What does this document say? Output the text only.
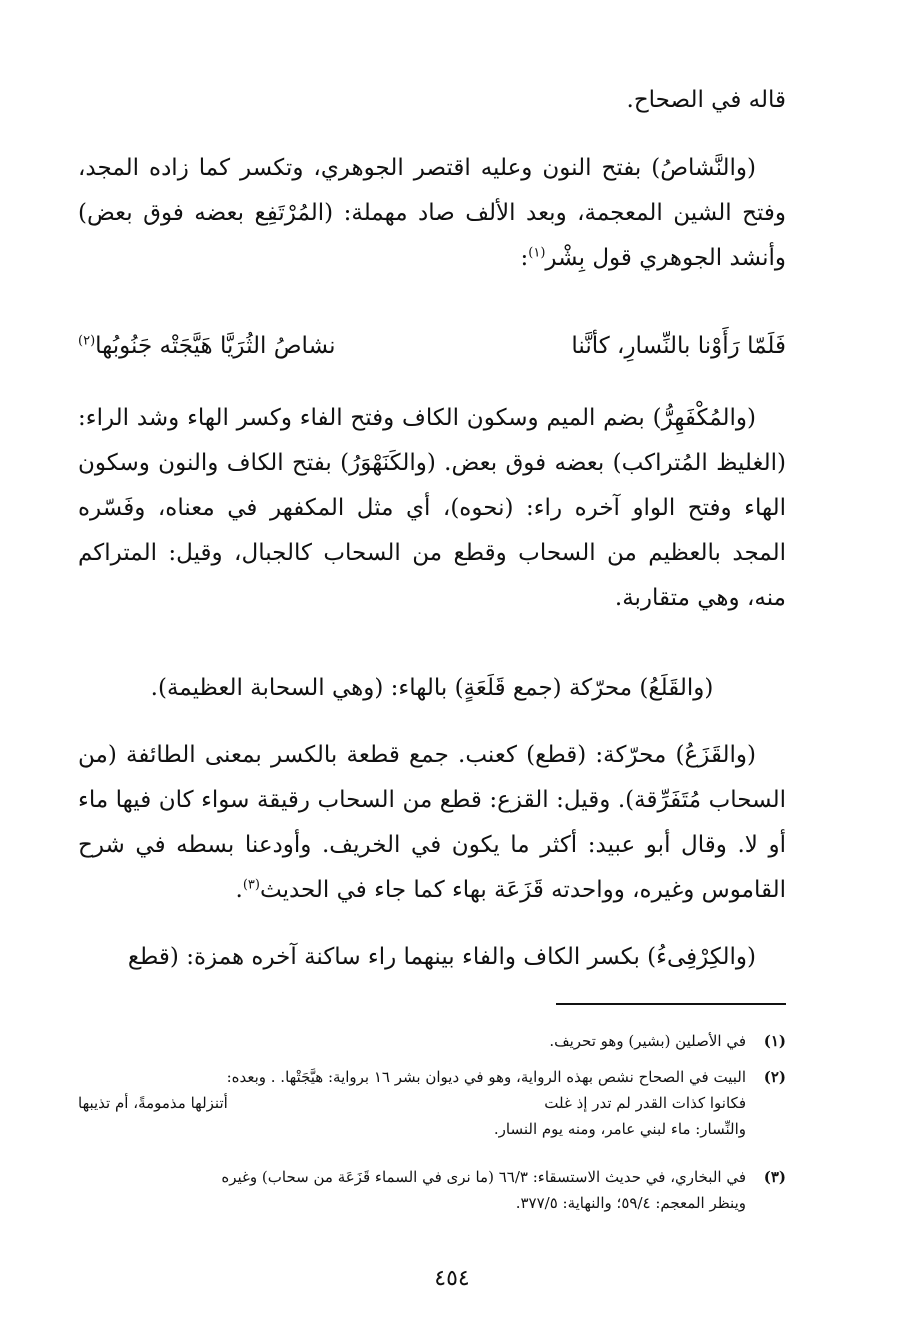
قاله في الصحاح.

(والنَّشاصُ) بفتح النون وعليه اقتصر الجوهري، وتكسر كما زاده المجد، وفتح الشين المعجمة، وبعد الألف صاد مهملة: (المُرْتَفِع بعضه فوق بعض) وأنشد الجوهري قول بِشْر$^{(١)}$:

فَلَمّا رَأَوْنا بالنِّسارِ، كأنَّنا
نشاصُ الثُرَيَّا هَيَّجَتْه جَنُوبُها$^{(٢)}$

(والمُكْفَهِرُّ) بضم الميم وسكون الكاف وفتح الفاء وكسر الهاء وشد الراء: (الغليظ المُتراكب) بعضه فوق بعض. (والكَنَهْوَرُ) بفتح الكاف والنون وسكون الهاء وفتح الواو آخره راء: (نحوه)، أي مثل المكفهر في معناه، وفَسّره المجد بالعظيم من السحاب وقطع من السحاب كالجبال، وقيل: المتراكم منه، وهي متقاربة.

(والقَلَعُ) محرّكة (جمع قَلَعَةٍ) بالهاء: (وهي السحابة العظيمة).

(والقَزَعُ) محرّكة: (قطع) كعنب. جمع قطعة بالكسر بمعنى الطائفة (من السحاب مُتَفَرِّقة). وقيل: القزع: قطع من السحاب رقيقة سواء كان فيها ماء أو لا. وقال أبو عبيد: أكثر ما يكون في الخريف. وأودعنا بسطه في شرح القاموس وغيره، وواحدته قَزَعَة بهاء كما جاء في الحديث$^{(٣)}$.

(والكِرْفِىءُ) بكسر الكاف والفاء بينهما راء ساكنة آخره همزة: (قطع

(١)في الأصلين (بشير) وهو تحريف.
(٢)البيت في الصحاح نشص بهذه الرواية، وهو في ديوان بشر ١٦ برواية: هيَّجَتْها. . وبعده:
فكانوا كذات القدر لم تدر إذ غلت
أتنزلها مذمومةً، أم تذيبها
والنِّسار: ماء لبني عامر، ومنه يوم النسار.
(٣)في البخاري، في حديث الاستسقاء: ٦٦/٣ (ما نرى في السماء قَزَعَة من سحاب) وغيره
وينظر المعجم: ٥٩/٤؛ والنهاية: ٣٧٧/٥.
٤٥٤
